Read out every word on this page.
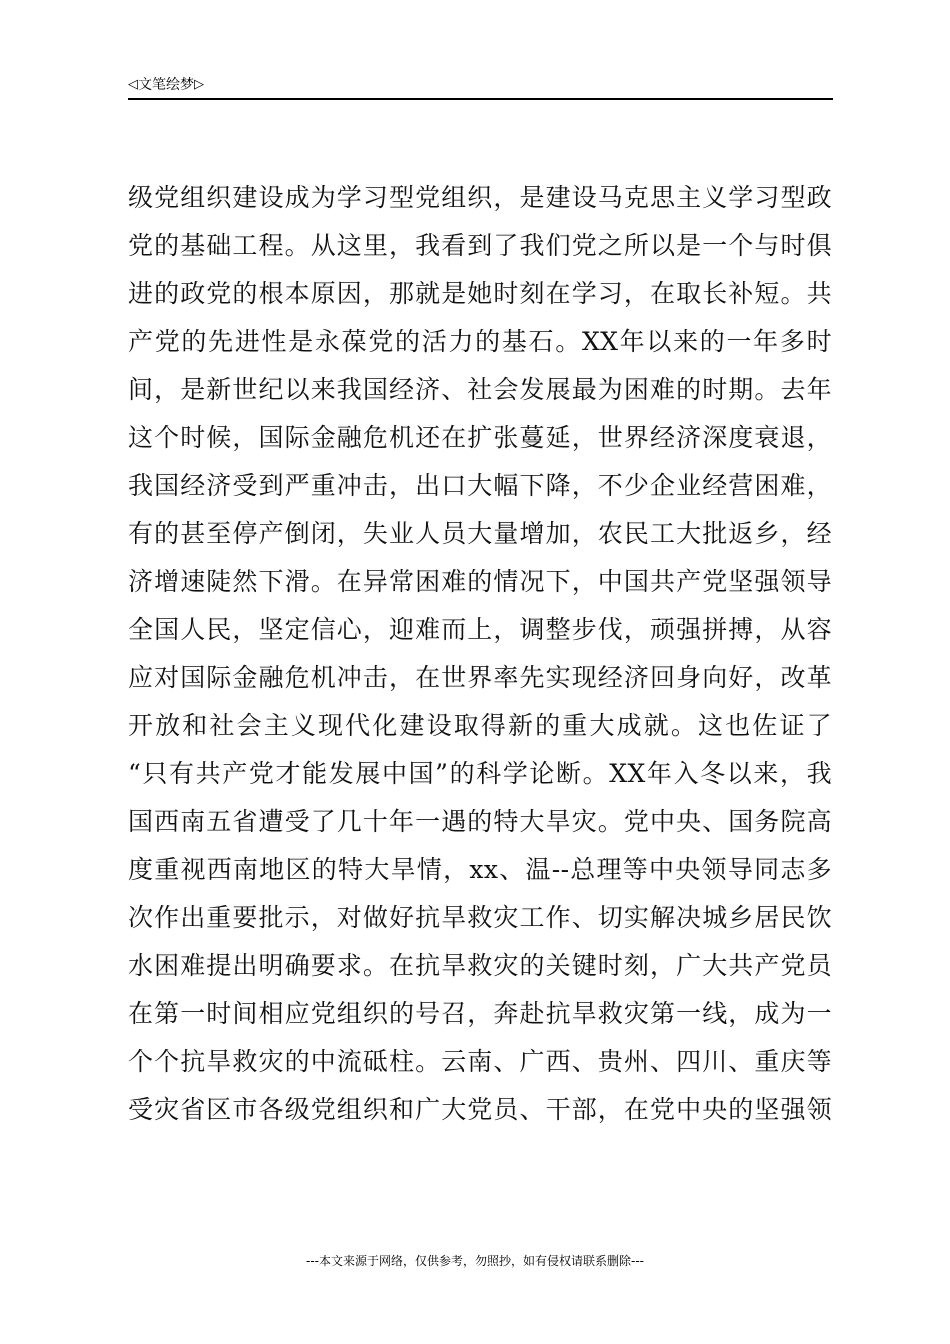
◁文笔绘梦▷
级党组织建设成为学习型党组织，是建设马克思主义学习型政
党的基础工程。从这里，我看到了我们党之所以是一个与时俱
进的政党的根本原因，那就是她时刻在学习，在取长补短。共
产党的先进性是永葆党的活力的基石。XX年以来的一年多时
间，是新世纪以来我国经济、社会发展最为困难的时期。去年
这个时候，国际金融危机还在扩张蔓延，世界经济深度衰退，
我国经济受到严重冲击，出口大幅下降，不少企业经营困难，
有的甚至停产倒闭，失业人员大量增加，农民工大批返乡，经
济增速陡然下滑。在异常困难的情况下，中国共产党坚强领导
全国人民，坚定信心，迎难而上，调整步伐，顽强拼搏，从容
应对国际金融危机冲击，在世界率先实现经济回身向好，改革
开放和社会主义现代化建设取得新的重大成就。这也佐证了
“只有共产党才能发展中国”的科学论断。XX年入冬以来，我
国西南五省遭受了几十年一遇的特大旱灾。党中央、国务院高
度重视西南地区的特大旱情，xx、温--总理等中央领导同志多
次作出重要批示，对做好抗旱救灾工作、切实解决城乡居民饮
水困难提出明确要求。在抗旱救灾的关键时刻，广大共产党员
在第一时间相应党组织的号召，奔赴抗旱救灾第一线，成为一
个个抗旱救灾的中流砥柱。云南、广西、贵州、四川、重庆等
受灾省区市各级党组织和广大党员、干部，在党中央的坚强领
---本文来源于网络，仅供参考，勿照抄，如有侵权请联系删除---
